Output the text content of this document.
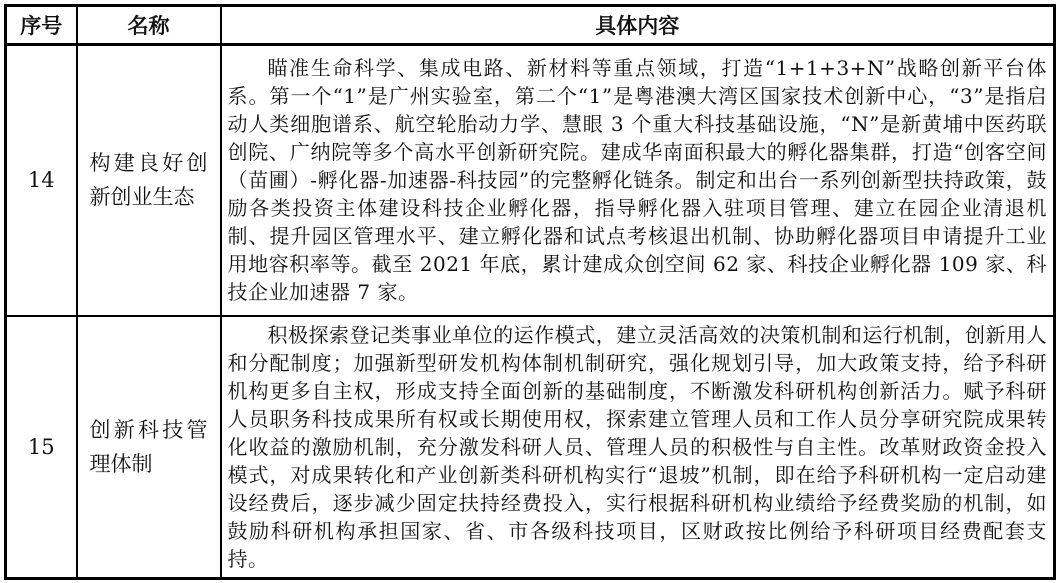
序号	名称	具体内容
14	构建良好创新创业生态	瞄准生命科学、集成电路、新材料等重点领域，打造“1+1+3+N”战略创新平台体系。第一个“1”是广州实验室，第二个“1”是粤港澳大湾区国家技术创新中心，“3”是指启动人类细胞谱系、航空轮胎动力学、慧眼 3 个重大科技基础设施，“N”是新黄埔中医药联创院、广纳院等多个高水平创新研究院。建成华南面积最大的孵化器集群，打造“创客空间（苗圃）-孵化器-加速器-科技园”的完整孵化链条。制定和出台一系列创新型扶持政策，鼓励各类投资主体建设科技企业孵化器，指导孵化器入驻项目管理、建立在园企业清退机制、提升园区管理水平、建立孵化器和试点考核退出机制、协助孵化器项目申请提升工业用地容积率等。截至 2021 年底，累计建成众创空间 62 家、科技企业孵化器 109 家、科技企业加速器 7 家。

15	创新科技管理体制	积极探索登记类事业单位的运作模式，建立灵活高效的决策机制和运行机制，创新用人和分配制度；加强新型研发机构体制机制研究，强化规划引导，加大政策支持，给予科研机构更多自主权，形成支持全面创新的基础制度，不断激发科研机构创新活力。赋予科研人员职务科技成果所有权或长期使用权，探索建立管理人员和工作人员分享研究院成果转化收益的激励机制，充分激发科研人员、管理人员的积极性与自主性。改革财政资金投入模式，对成果转化和产业创新类科研机构实行“退坡”机制，即在给予科研机构一定启动建设经费后，逐步减少固定扶持经费投入，实行根据科研机构业绩给予经费奖励的机制，如鼓励科研机构承担国家、省、市各级科技项目，区财政按比例给予科研项目经费配套支持。
